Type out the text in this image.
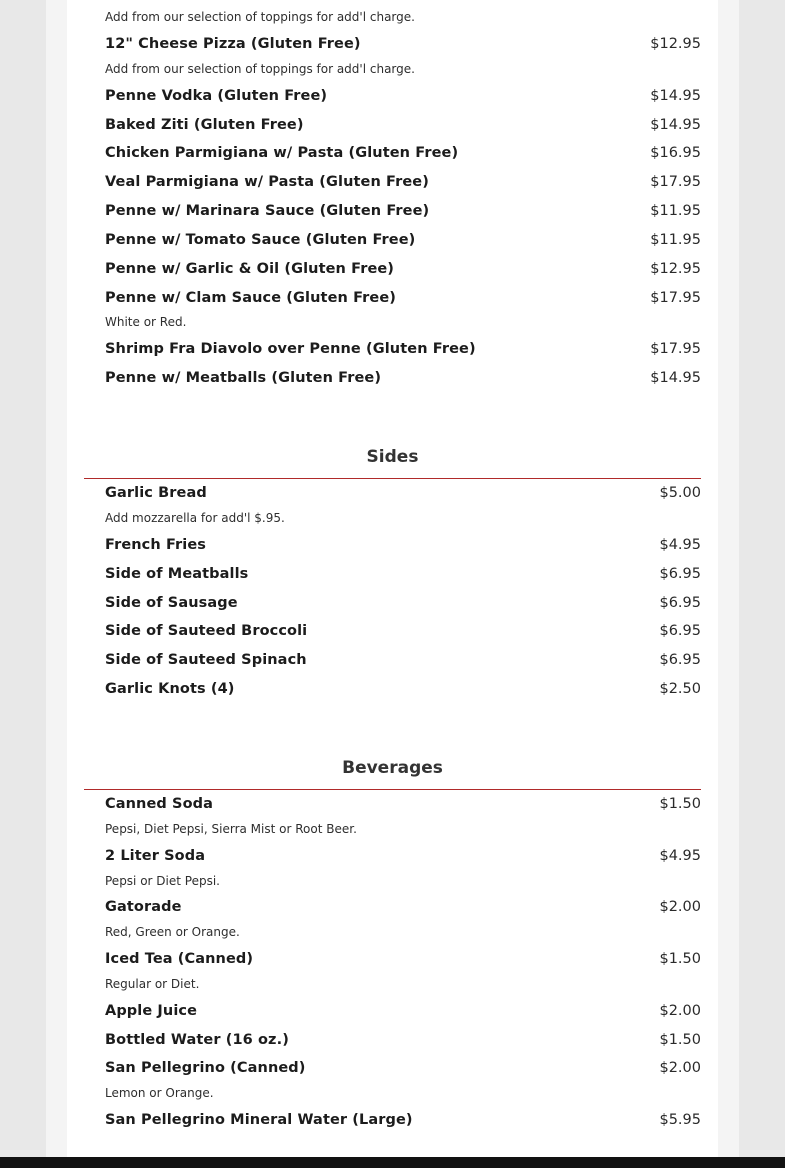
Add from our selection of toppings for add'l charge.
12" Cheese Pizza (Gluten Free)	$12.95
Add from our selection of toppings for add'l charge.
Penne Vodka (Gluten Free)	$14.95
Baked Ziti (Gluten Free)	$14.95
Chicken Parmigiana w/ Pasta (Gluten Free)	$16.95
Veal Parmigiana w/ Pasta (Gluten Free)	$17.95
Penne w/ Marinara Sauce (Gluten Free)	$11.95
Penne w/ Tomato Sauce (Gluten Free)	$11.95
Penne w/ Garlic & Oil (Gluten Free)	$12.95
Penne w/ Clam Sauce (Gluten Free)	$17.95
White or Red.
Shrimp Fra Diavolo over Penne (Gluten Free)	$17.95
Penne w/ Meatballs (Gluten Free)	$14.95
Sides
Garlic Bread	$5.00
Add mozzarella for add'l $.95.
French Fries	$4.95
Side of Meatballs	$6.95
Side of Sausage	$6.95
Side of Sauteed Broccoli	$6.95
Side of Sauteed Spinach	$6.95
Garlic Knots (4)	$2.50
Beverages
Canned Soda	$1.50
Pepsi, Diet Pepsi, Sierra Mist or Root Beer.
2 Liter Soda	$4.95
Pepsi or Diet Pepsi.
Gatorade	$2.00
Red, Green or Orange.
Iced Tea (Canned)	$1.50
Regular or Diet.
Apple Juice	$2.00
Bottled Water (16 oz.)	$1.50
San Pellegrino (Canned)	$2.00
Lemon or Orange.
San Pellegrino Mineral Water (Large)	$5.95
